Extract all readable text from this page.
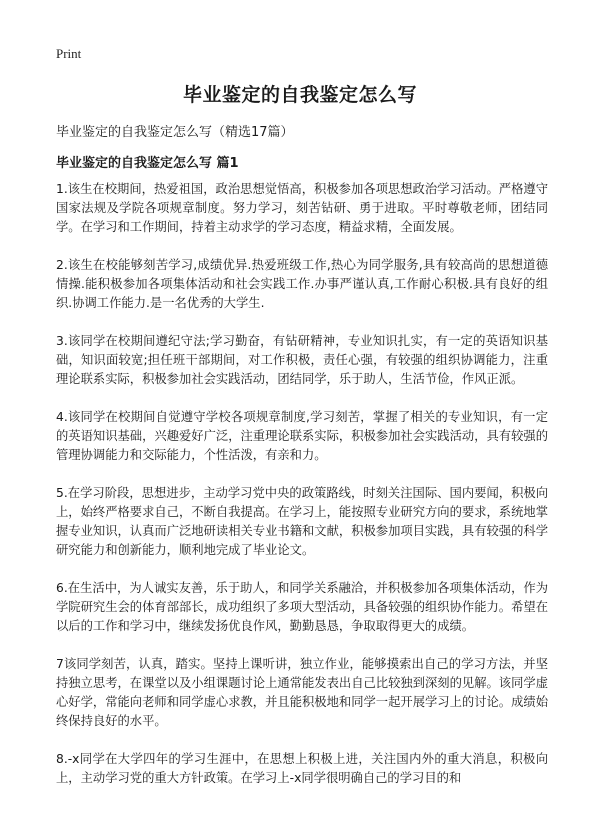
Print
毕业鉴定的自我鉴定怎么写
毕业鉴定的自我鉴定怎么写（精选17篇）
毕业鉴定的自我鉴定怎么写 篇1

1.该生在校期间，热爱祖国，政治思想觉悟高，积极参加各项思想政治学习活动。严格遵守国家法规及学院各项规章制度。努力学习，刻苦钻研、勇于进取。平时尊敬老师，团结同学。在学习和工作期间，持着主动求学的学习态度，精益求精，全面发展。

2.该生在校能够刻苦学习,成绩优异.热爱班级工作,热心为同学服务,具有较高尚的思想道德情操.能积极参加各项集体活动和社会实践工作.办事严谨认真,工作耐心积极.具有良好的组织.协调工作能力.是一名优秀的大学生.

3.该同学在校期间遵纪守法;学习勤奋，有钻研精神，专业知识扎实，有一定的英语知识基础，知识面较宽;担任班干部期间，对工作积极，责任心强，有较强的组织协调能力，注重理论联系实际，积极参加社会实践活动，团结同学，乐于助人，生活节俭，作风正派。

4.该同学在校期间自觉遵守学校各项规章制度,学习刻苦，掌握了相关的专业知识，有一定的英语知识基础，兴趣爱好广泛，注重理论联系实际，积极参加社会实践活动，具有较强的管理协调能力和交际能力，个性活泼，有亲和力。

5.在学习阶段，思想进步，主动学习党中央的政策路线，时刻关注国际、国内要闻，积极向上，始终严格要求自己，不断自我提高。在学习上，能按照专业研究方向的要求，系统地掌握专业知识，认真而广泛地研读相关专业书籍和文献，积极参加项目实践，具有较强的科学研究能力和创新能力，顺利地完成了毕业论文。

6.在生活中，为人诚实友善，乐于助人，和同学关系融洽，并积极参加各项集体活动，作为学院研究生会的体育部部长，成功组织了多项大型活动，具备较强的组织协作能力。希望在以后的工作和学习中，继续发扬优良作风，勤勤恳恳，争取取得更大的成绩。

7该同学刻苦，认真，踏实。坚持上课听讲，独立作业，能够摸索出自己的学习方法，并坚持独立思考，在课堂以及小组课题讨论上通常能发表出自己比较独到深刻的见解。该同学虚心好学，常能向老师和同学虚心求教，并且能积极地和同学一起开展学习上的讨论。成绩始终保持良好的水平。

8.-x同学在大学四年的学习生涯中，在思想上积极上进，关注国内外的重大消息，积极向上，主动学习党的重大方针政策。在学习上-x同学很明确自己的学习目的和
